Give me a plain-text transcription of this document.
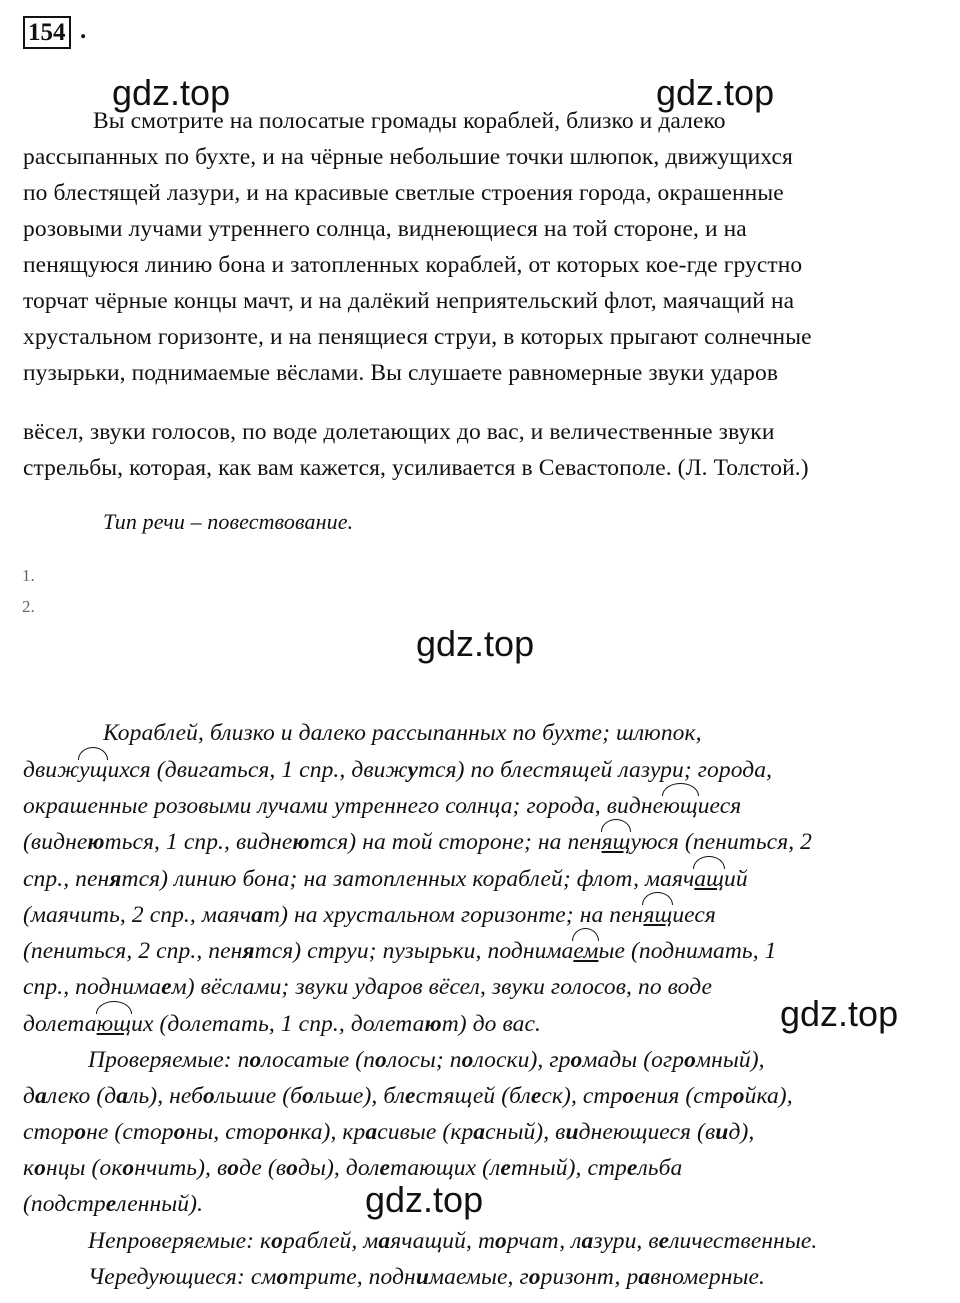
154 .
gdz.top	gdz.top
gdz.top
gdz.top
gdz.top
Вы смотрите на полосатые громады кораблей, близко и далеко
рассыпанных по бухте, и на чёрные небольшие точки шлюпок, движущихся
по блестящей лазури, и на красивые светлые строения города, окрашенные
розовыми лучами утреннего солнца, виднеющиеся на той стороне, и на
пенящуюся линию бона и затопленных кораблей, от которых кое-где грустно
торчат чёрные концы мачт, и на далёкий неприятельский флот, маячащий на
хрустальном горизонте, и на пенящиеся струи, в которых прыгают солнечные
пузырьки, поднимаемые вёслами. Вы слушаете равномерные звуки ударов
вёсел, звуки голосов, по воде долетающих до вас, и величественные звуки
стрельбы, которая, как вам кажется, усиливается в Севастополе. (Л. Толстой.)
Тип речи – повествование.
1.
2.
Кораблей, близко и далеко рассыпанных по бухте; шлюпок,
движущихся (двигаться, 1 спр., движутся) по блестящей лазури; города,
окрашенные розовыми лучами утреннего солнца; города, виднеющиеся
(виднеються, 1 спр., виднеются) на той стороне; на пенящуюся (пениться, 2
спр., пенятся) линию бона; на затопленных кораблей; флот, маячащий
(маячить, 2 спр., маячат) на хрустальном горизонте; на пенящиеся
(пениться, 2 спр., пенятся) струи; пузырьки, поднимаемые (поднимать, 1
спр., поднимаем) вёслами; звуки ударов вёсел, звуки голосов, по воде
долетающих (долетать, 1 спр., долетают) до вас.
Проверяемые: полосатые (полосы; полоски), громады (огромный),
далеко (даль), небольшие (больше), блестящей (блеск), строения (стройка),
стороне (стороны, сторонка), красивые (красный), виднеющиеся (вид),
концы (окончить), воде (воды), долетающих (летный), стрельба
(подстреленный).
Непроверяемые: кораблей, маячащий, торчат, лазури, величественные.
Чередующиеся: смотрите, поднимаемые, горизонт, равномерные.
